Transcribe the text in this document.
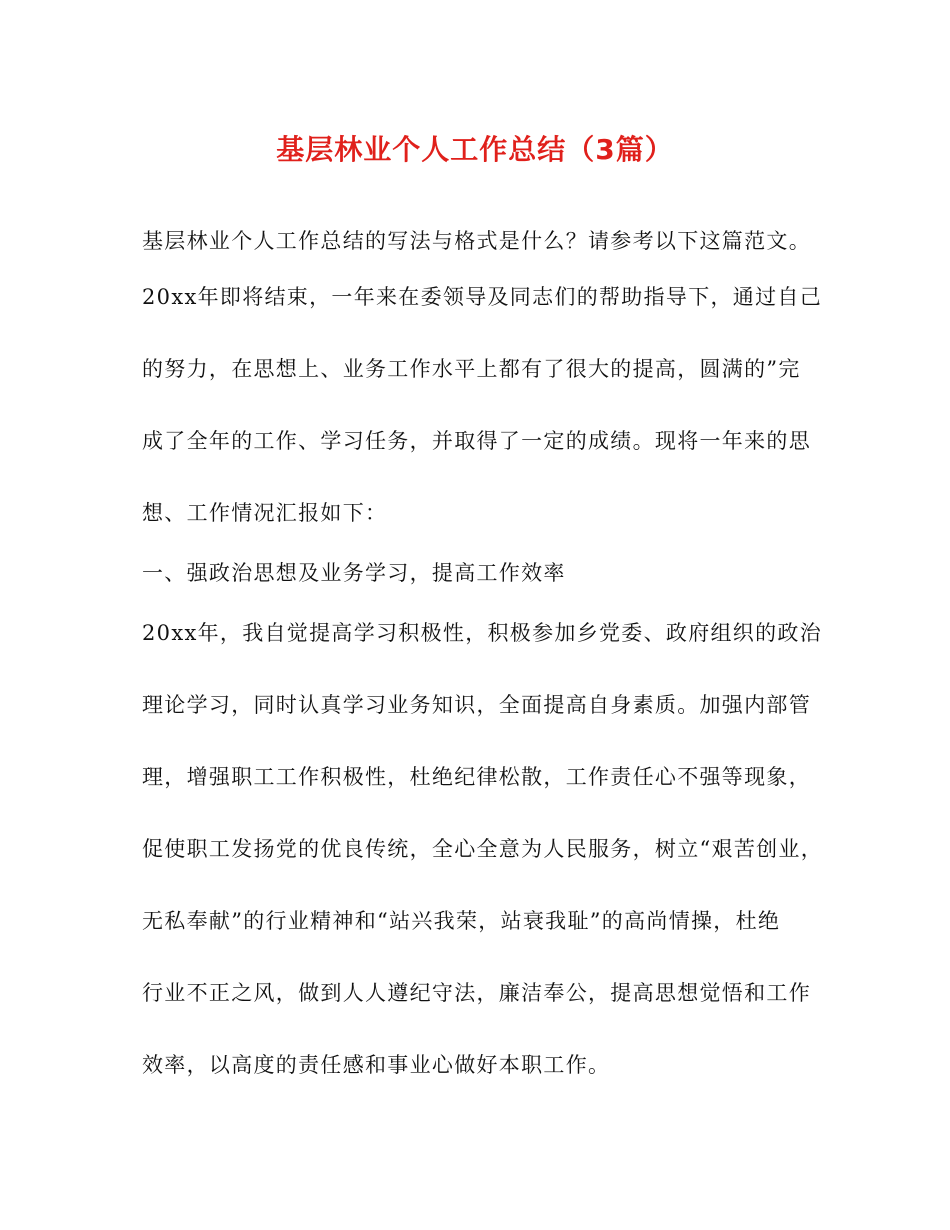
基层林业个人工作总结（3篇）
基层林业个人工作总结的写法与格式是什么？请参考以下这篇范文。
20xx年即将结束，一年来在委领导及同志们的帮助指导下，通过自己
的努力，在思想上、业务工作水平上都有了很大的提高，圆满的”完
成了全年的工作、学习任务，并取得了一定的成绩。现将一年来的思
想、工作情况汇报如下：
一、强政治思想及业务学习，提高工作效率
20xx年，我自觉提高学习积极性，积极参加乡党委、政府组织的政治
理论学习，同时认真学习业务知识，全面提高自身素质。加强内部管
理，增强职工工作积极性，杜绝纪律松散，工作责任心不强等现象，
促使职工发扬党的优良传统，全心全意为人民服务，树立“艰苦创业，
无私奉献”的行业精神和“站兴我荣，站衰我耻”的高尚情操，杜绝
行业不正之风，做到人人遵纪守法，廉洁奉公，提高思想觉悟和工作
效率，以高度的责任感和事业心做好本职工作。
